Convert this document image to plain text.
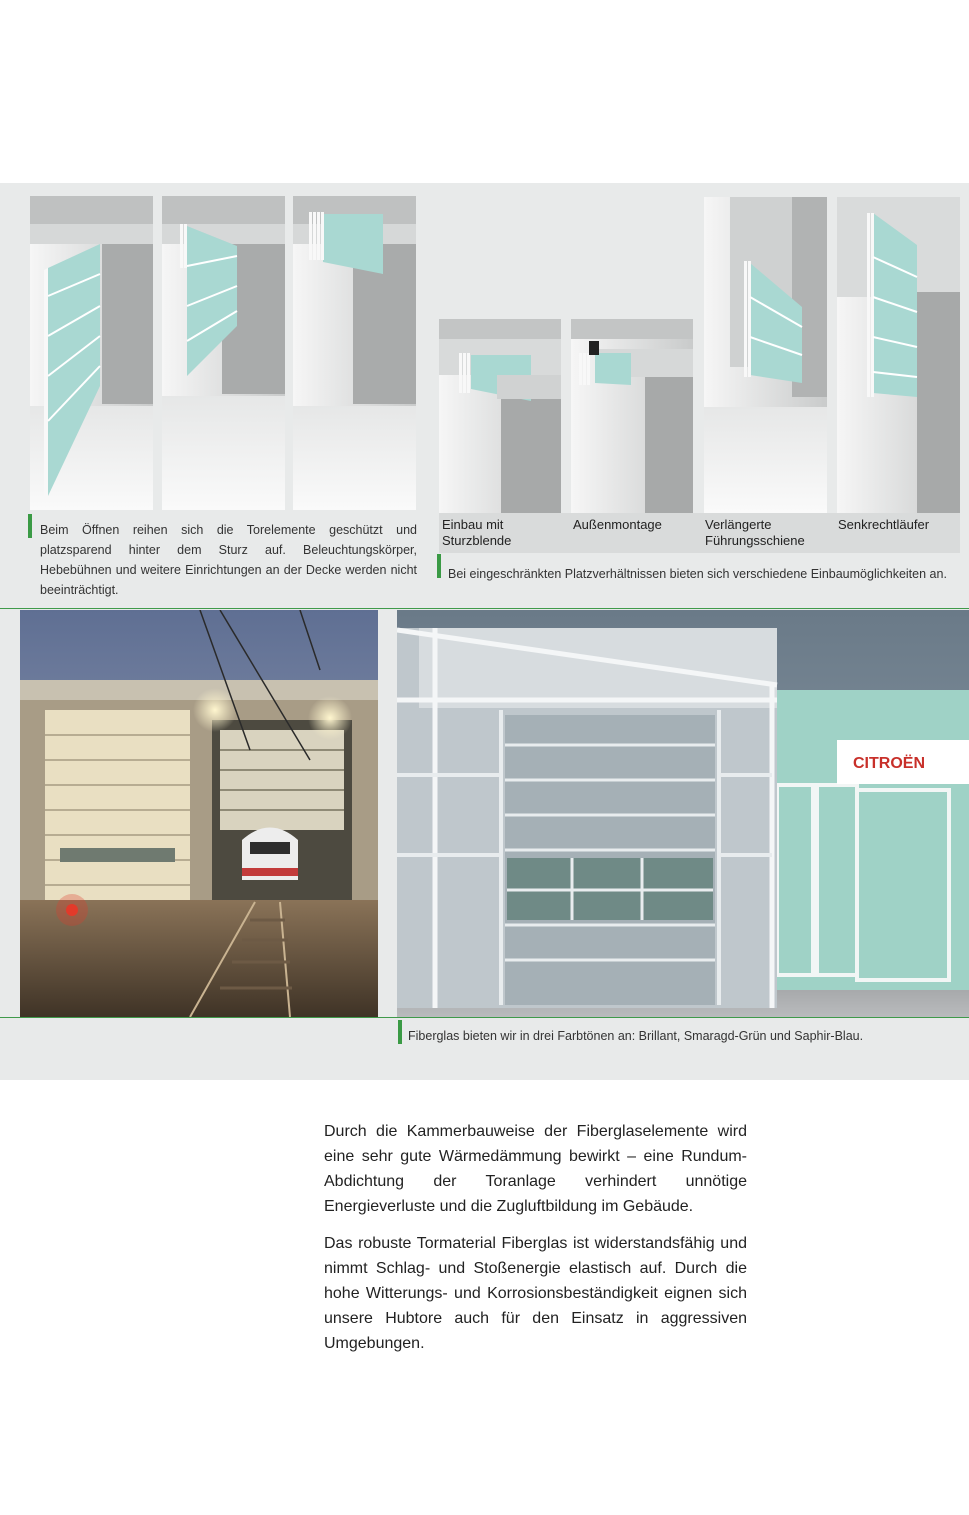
Beim Öffnen reihen sich die Torelemente geschützt und platzsparend hinter dem Sturz auf. Beleuchtungskörper, Hebebühnen und weitere Einrichtungen an der Decke werden nicht beeinträchtigt.
Einbau mit Sturzblende
Außenmontage	Verlängerte Führungsschiene
Senkrechtläufer
Bei eingeschränkten Platzverhältnissen bieten sich verschiedene Einbaumöglichkeiten an.
CITROËN
Fiberglas bieten wir in drei Farbtönen an: Brillant, Smaragd-Grün und Saphir-Blau.

Durch die Kammerbauweise der Fiberglaselemente wird eine sehr gute Wärmedämmung bewirkt – eine Rundum-Abdichtung der Toranlage verhindert unnötige Energieverluste und die Zugluftbildung im Gebäude.

Das robuste Tormaterial Fiberglas ist widerstandsfähig und nimmt Schlag- und Stoßenergie elastisch auf. Durch die hohe Witterungs- und Korrosionsbeständigkeit eignen sich unsere Hubtore auch für den Einsatz in aggressiven Umgebungen.
